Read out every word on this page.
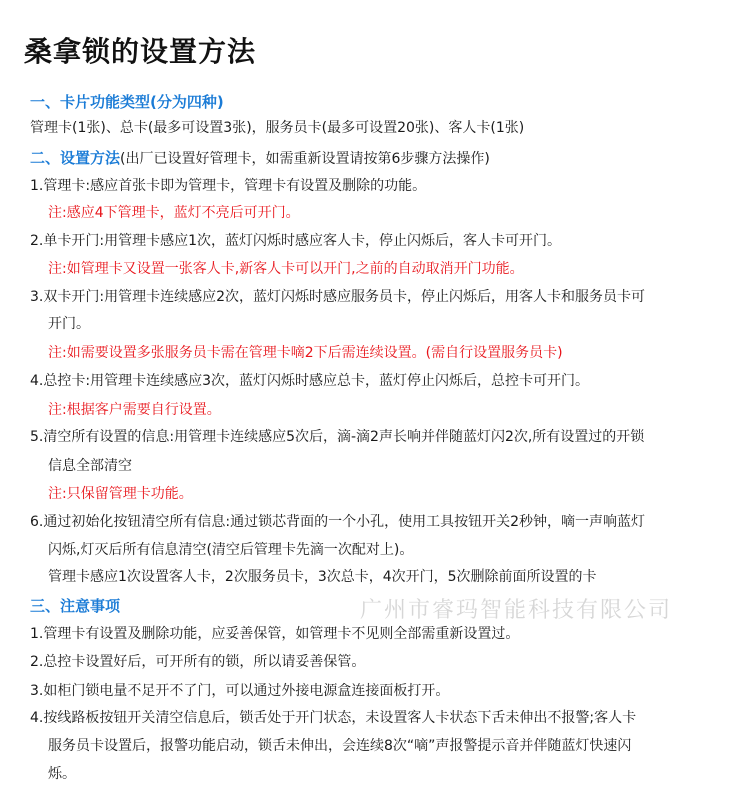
桑拿锁的设置方法
一、卡片功能类型(分为四种)
管理卡(1张)、总卡(最多可设置3张)，服务员卡(最多可设置20张)、客人卡(1张)
二、设置方法(出厂已设置好管理卡，如需重新设置请按第6步骤方法操作)
1.管理卡:感应首张卡即为管理卡，管理卡有设置及删除的功能。
注:感应4下管理卡，蓝灯不亮后可开门。
2.单卡开门:用管理卡感应1次，蓝灯闪烁时感应客人卡，停止闪烁后，客人卡可开门。
注:如管理卡又设置一张客人卡,新客人卡可以开门,之前的自动取消开门功能。
3.双卡开门:用管理卡连续感应2次，蓝灯闪烁时感应服务员卡，停止闪烁后，用客人卡和服务员卡可
开门。
注:如需要设置多张服务员卡需在管理卡嘀2下后需连续设置。(需自行设置服务员卡)
4.总控卡:用管理卡连续感应3次，蓝灯闪烁时感应总卡，蓝灯停止闪烁后，总控卡可开门。
注:根据客户需要自行设置。
5.清空所有设置的信息:用管理卡连续感应5次后，滴-滴2声长响并伴随蓝灯闪2次,所有设置过的开锁
信息全部清空
注:只保留管理卡功能。
6.通过初始化按钮清空所有信息:通过锁芯背面的一个小孔，使用工具按钮开关2秒钟，嘀一声响蓝灯
闪烁,灯灭后所有信息清空(清空后管理卡先滴一次配对上)。
管理卡感应1次设置客人卡，2次服务员卡，3次总卡，4次开门，5次删除前面所设置的卡
广州市睿玛智能科技有限公司
三、注意事项
1.管理卡有设置及删除功能，应妥善保管，如管理卡不见则全部需重新设置过。
2.总控卡设置好后，可开所有的锁，所以请妥善保管。
3.如柜门锁电量不足开不了门，可以通过外接电源盒连接面板打开。
4.按线路板按钮开关清空信息后，锁舌处于开门状态，未设置客人卡状态下舌未伸出不报警;客人卡
服务员卡设置后，报警功能启动，锁舌未伸出，会连续8次“嘀”声报警提示音并伴随蓝灯快速闪
烁。
